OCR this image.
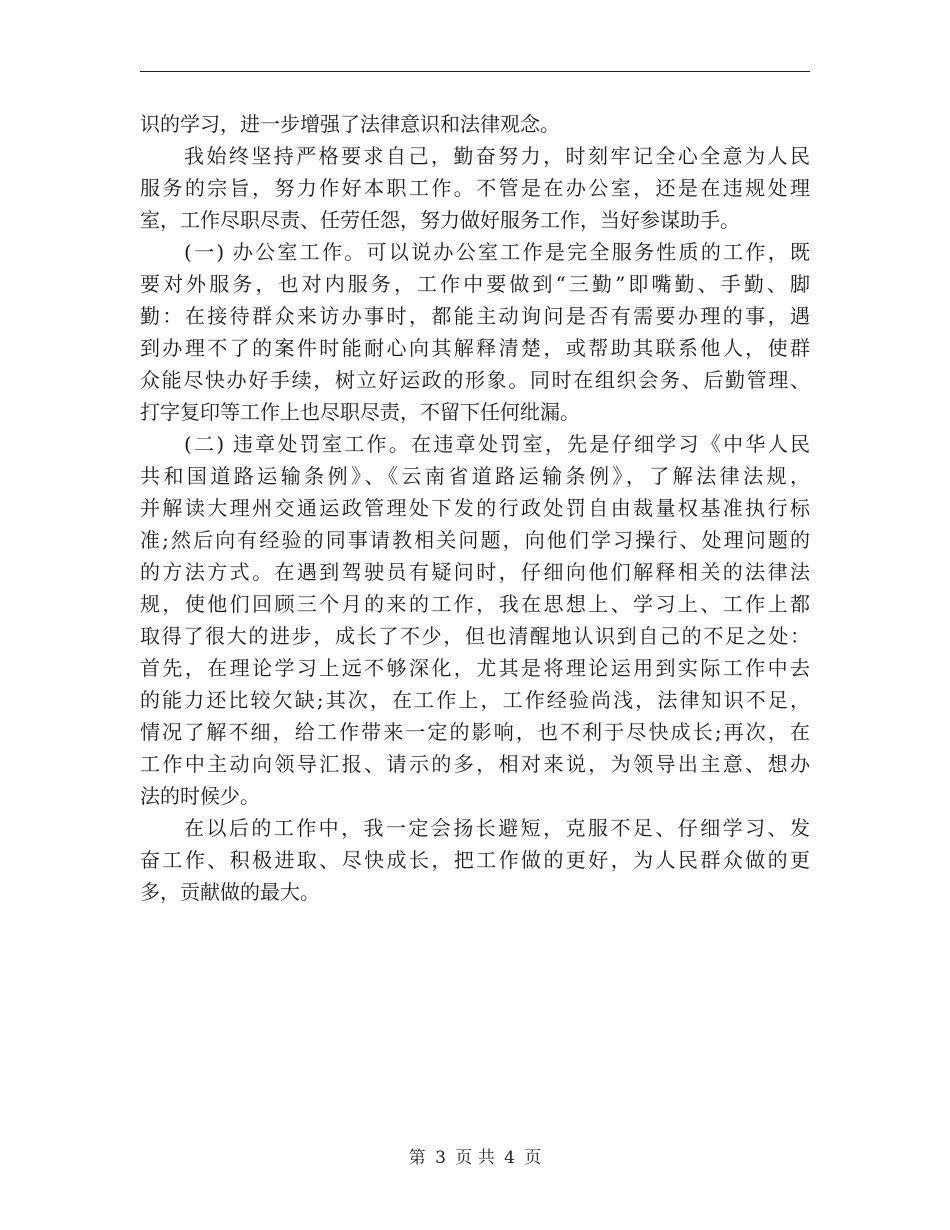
识的学习，进一步增强了法律意识和法律观念。
我始终坚持严格要求自己，勤奋努力，时刻牢记全心全意为人民
服务的宗旨，努力作好本职工作。不管是在办公室，还是在违规处理
室，工作尽职尽责、任劳任怨，努力做好服务工作，当好参谋助手。
(一) 办公室工作。可以说办公室工作是完全服务性质的工作，既
要对外服务，也对内服务，工作中要做到“三勤”即嘴勤、手勤、脚
勤：在接待群众来访办事时，都能主动询问是否有需要办理的事，遇
到办理不了的案件时能耐心向其解释清楚，或帮助其联系他人，使群
众能尽快办好手续，树立好运政的形象。同时在组织会务、后勤管理、
打字复印等工作上也尽职尽责，不留下任何纰漏。
(二) 违章处罚室工作。在违章处罚室，先是仔细学习《中华人民
共和国道路运输条例》、《云南省道路运输条例》，了解法律法规，
并解读大理州交通运政管理处下发的行政处罚自由裁量权基准执行标
准;然后向有经验的同事请教相关问题，向他们学习操行、处理问题的
的方法方式。在遇到驾驶员有疑问时，仔细向他们解释相关的法律法
规，使他们回顾三个月的来的工作，我在思想上、学习上、工作上都
取得了很大的进步，成长了不少，但也清醒地认识到自己的不足之处：
首先，在理论学习上远不够深化，尤其是将理论运用到实际工作中去
的能力还比较欠缺;其次，在工作上，工作经验尚浅，法律知识不足，
情况了解不细，给工作带来一定的影响，也不利于尽快成长;再次，在
工作中主动向领导汇报、请示的多，相对来说，为领导出主意、想办
法的时候少。
在以后的工作中，我一定会扬长避短，克服不足、仔细学习、发
奋工作、积极进取、尽快成长，把工作做的更好，为人民群众做的更
多，贡献做的最大。
第 3 页 共 4 页
